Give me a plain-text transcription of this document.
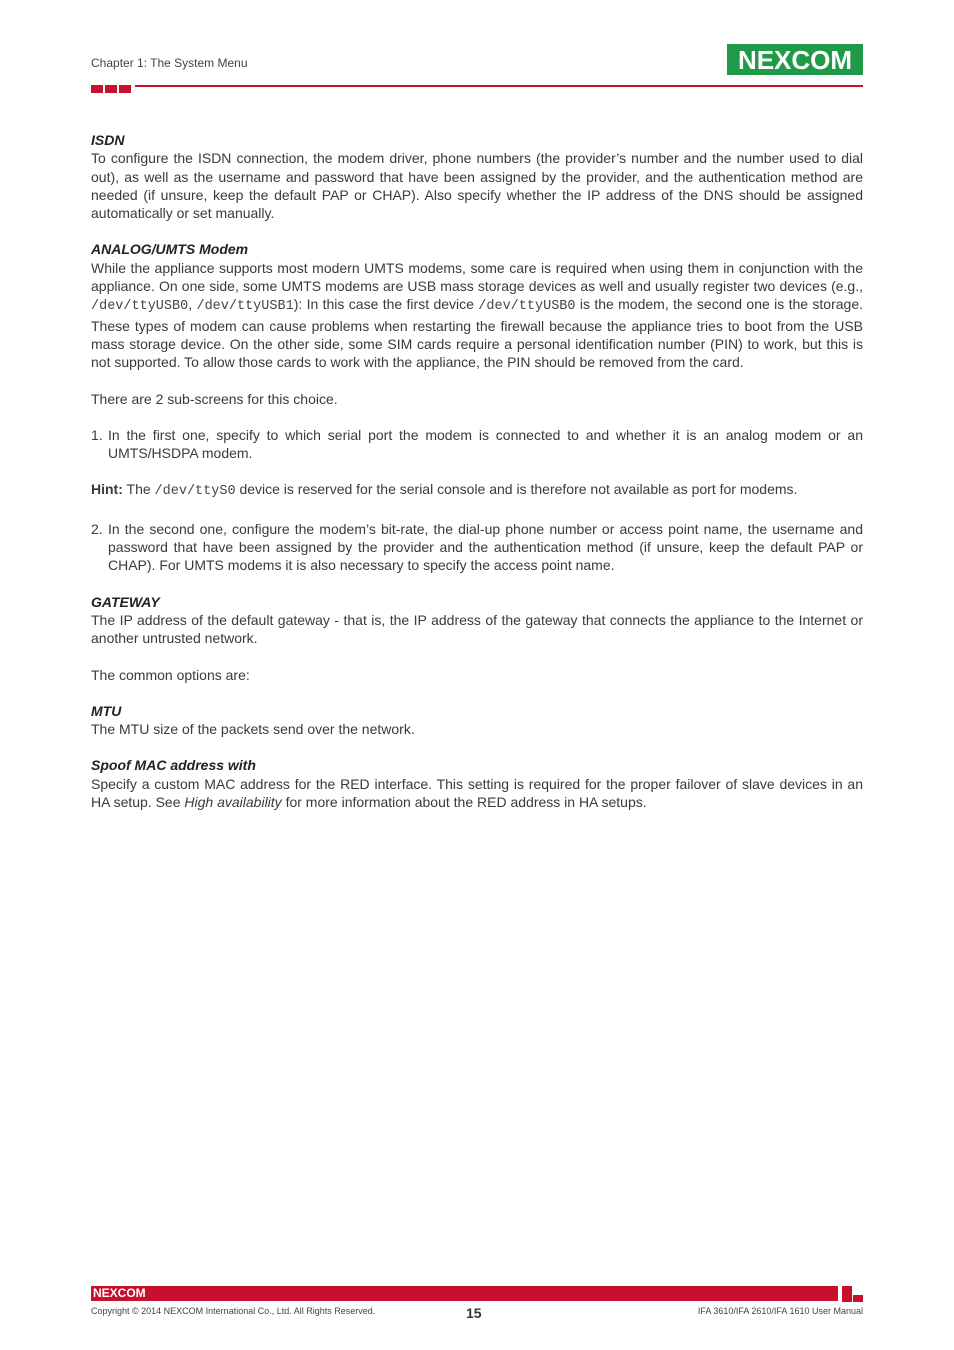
Chapter 1: The System Menu	NEXCOM

ISDN

To configure the ISDN connection, the modem driver, phone numbers (the provider’s number and the number used to dial out), as well as the username and password that have been assigned by the provider, and the authentication method are needed (if unsure, keep the default PAP or CHAP). Also specify whether the IP address of the DNS should be assigned automatically or set manually.

ANALOG/UMTS Modem

While the appliance supports most modern UMTS modems, some care is required when using them in conjunction with the appliance. On one side, some UMTS modems are USB mass storage devices as well and usually register two devices (e.g., /dev/ttyUSB0, /dev/ttyUSB1): In this case the first device /dev/ttyUSB0 is the modem, the second one is the storage. These types of modem can cause problems when restarting the firewall because the appliance tries to boot from the USB mass storage device. On the other side, some SIM cards require a personal identification number (PIN) to work, but this is not supported. To allow those cards to work with the appliance, the PIN should be removed from the card.

There are 2 sub-screens for this choice.

1. In the first one, specify to which serial port the modem is connected to and whether it is an analog modem or an UMTS/HSDPA modem.

Hint: The /dev/ttyS0 device is reserved for the serial console and is therefore not available as port for modems.

2. In the second one, configure the modem’s bit-rate, the dial-up phone number or access point name, the username and password that have been assigned by the provider and the authentication method (if unsure, keep the default PAP or CHAP). For UMTS modems it is also necessary to specify the access point name.

GATEWAY

The IP address of the default gateway - that is, the IP address of the gateway that connects the appliance to the Internet or another untrusted network.

The common options are:

MTU

The MTU size of the packets send over the network.

Spoof MAC address with

Specify a custom MAC address for the RED interface. This setting is required for the proper failover of slave devices in an HA setup. See High availability for more information about the RED address in HA setups.

NEXCOM
Copyright © 2014 NEXCOM International Co., Ltd. All Rights Reserved.	15	IFA 3610/IFA 2610/IFA 1610 User Manual
